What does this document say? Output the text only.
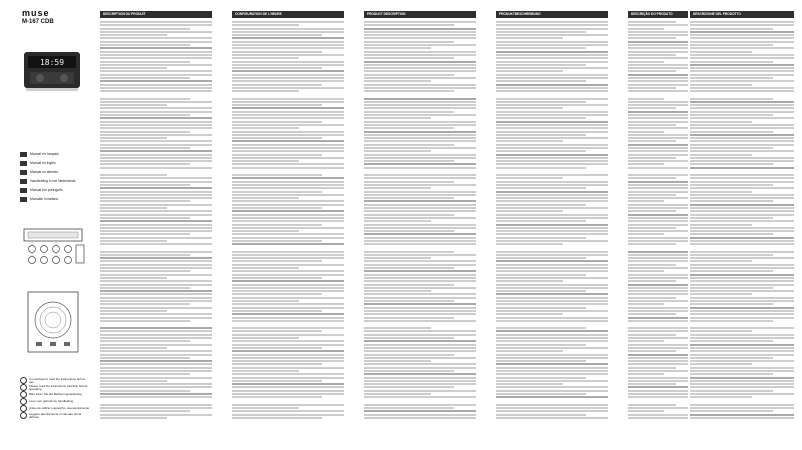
muse
M-167 CDB
18:59
Manuel en français
Manual en inglés
Manual en alemán
Handleiding in het Nederlands
Manual em português
Manuale in italiano
It is advised to read the instructions before use
Please read the instructions carefully before operating
Bitte lesen Sie die Bedienungsanleitung
Lees voor gebruik de handleiding
Antes de utilizar o aparelho, leia atentamente
Leggere attentamente il manuale prima dell'uso
DESCRIPTION DU PRODUIT	CONFIGURATION DE L'HEURE	PRODUCT DESCRIPTION	PRODUKTBESCHREIBUNG	DESCRIÇÃO DO PRODUTO	DESCRIZIONE DEL PRODOTTO
